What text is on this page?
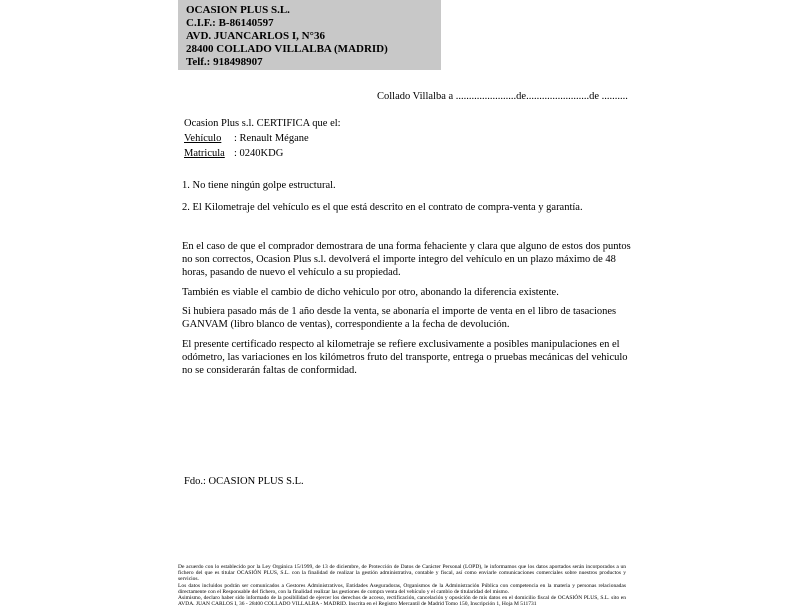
OCASION PLUS S.L.
C.I.F.: B-86140597
AVD. JUANCARLOS I, N°36
28400 COLLADO VILLALBA (MADRID)
Telf.: 918498907
Collado Villalba a .......................de........................de ..........
Ocasion Plus s.l. CERTIFICA que el:
Vehículo : Renault Mégane
Matricula : 0240KDG
1. No tiene ningún golpe estructural.
2. El Kilometraje del vehículo es el que está descrito en el contrato de compra-venta y garantía.
En el caso de que el comprador demostrara de una forma fehaciente y clara que alguno de estos dos puntos no son correctos, Ocasion Plus s.l. devolverá el importe integro del vehículo en un plazo máximo de 48 horas, pasando de nuevo el vehículo a su propiedad.
También es viable el cambio de dicho vehiculo por otro, abonando la diferencia existente.
Si hubiera pasado más de 1 año desde la venta, se abonaría el importe de venta en el libro de tasaciones GANVAM (libro blanco de ventas), correspondiente a la fecha de devolución.
El presente certificado respecto al kilometraje se refiere exclusivamente a posibles manipulaciones en el odómetro, las variaciones en los kilómetros fruto del transporte, entrega o pruebas mecánicas del vehiculo no se considerarán faltas de conformidad.
Fdo.: OCASION PLUS S.L.
De acuerdo con lo establecido por la Ley Orgánica 15/1999, de 13 de diciembre, de Protección de Datos de Carácter Personal (LOPD), le informamos que los datos aportados serán incorporados a un fichero del que es titular OCASIÓN PLUS, S.L. con la finalidad de realizar la gestión administrativa, contable y fiscal, así como enviarle comunicaciones comerciales sobre nuestros productos y servicios.
Los datos incluidos podrán ser comunicados a Gestores Administrativos, Entidades Aseguradoras, Organismos de la Administración Pública con competencia en la materia y personas relacionadas directamente con el Responsable del fichero, con la finalidad realizar las gestiones de compra venta del vehículo y el cambio de titularidad del mismo.
Asimismo, declaro haber sido informado de la posibilidad de ejercer los derechos de acceso, rectificación, cancelación y oposición de mis datos en el domicilio fiscal de OCASIÓN PLUS, S.L. sito en AVDA. JUAN CARLOS I, 36 - 28400 COLLADO VILLALBA - MADRID. Inscrita en el Registro Mercantil de Madrid Tomo 150, Inscripción 1, Hoja M 511731
